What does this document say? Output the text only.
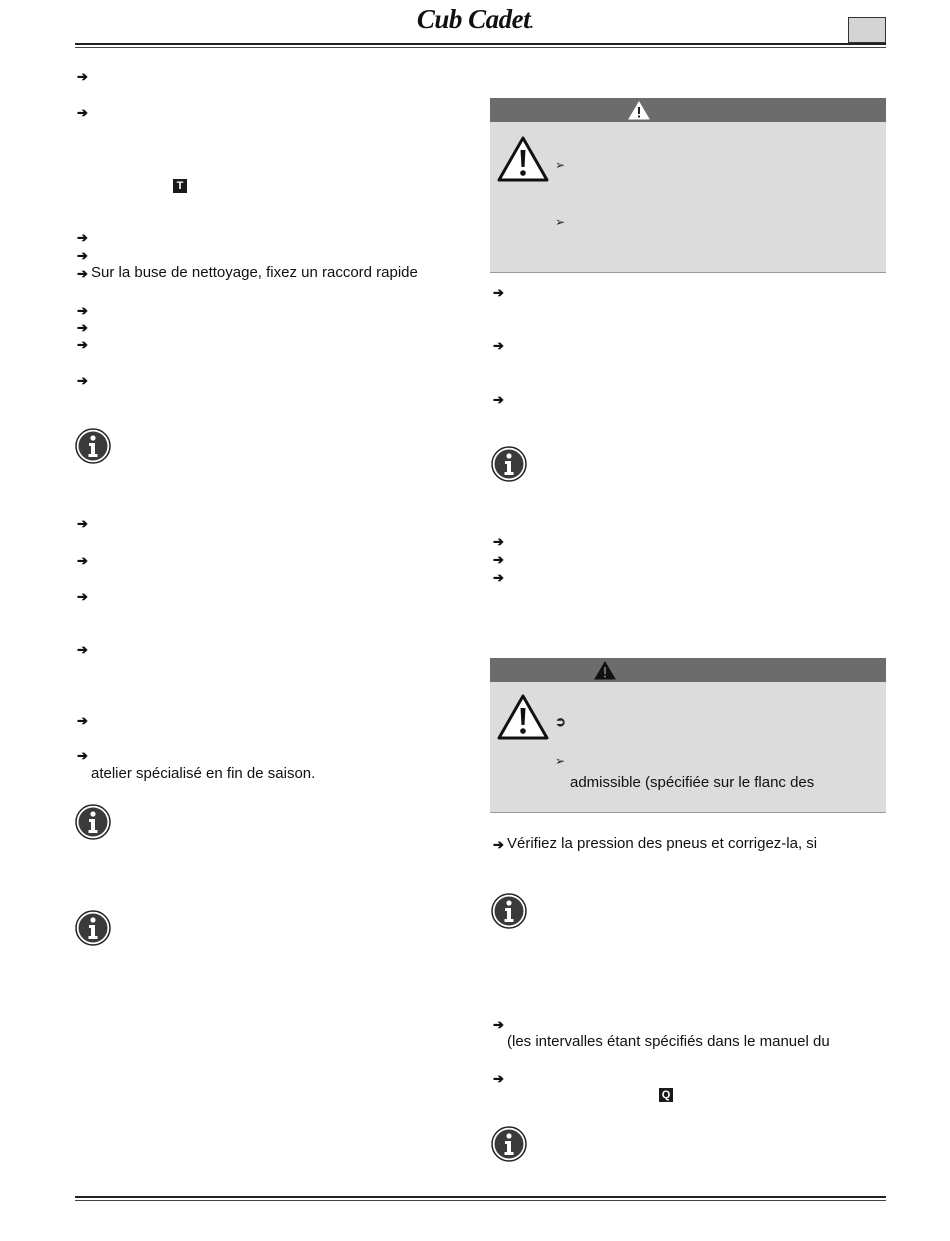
Cub Cadet.
➔
➔
T
➔
➔
➔ Sur la buse de nettoyage, fixez un raccord rapide
➔
➔
➔
➔
➔
➔
➔
➔
➔
➔
atelier spécialisé en fin de saison.
➢
➢
➔
➔
➔
➔
➔
➔
➲
➢
admissible (spécifiée sur le flanc des
➔ Vérifiez la pression des pneus et corrigez-la, si
➔
(les intervalles étant spécifiés dans le manuel du
➔
Q
